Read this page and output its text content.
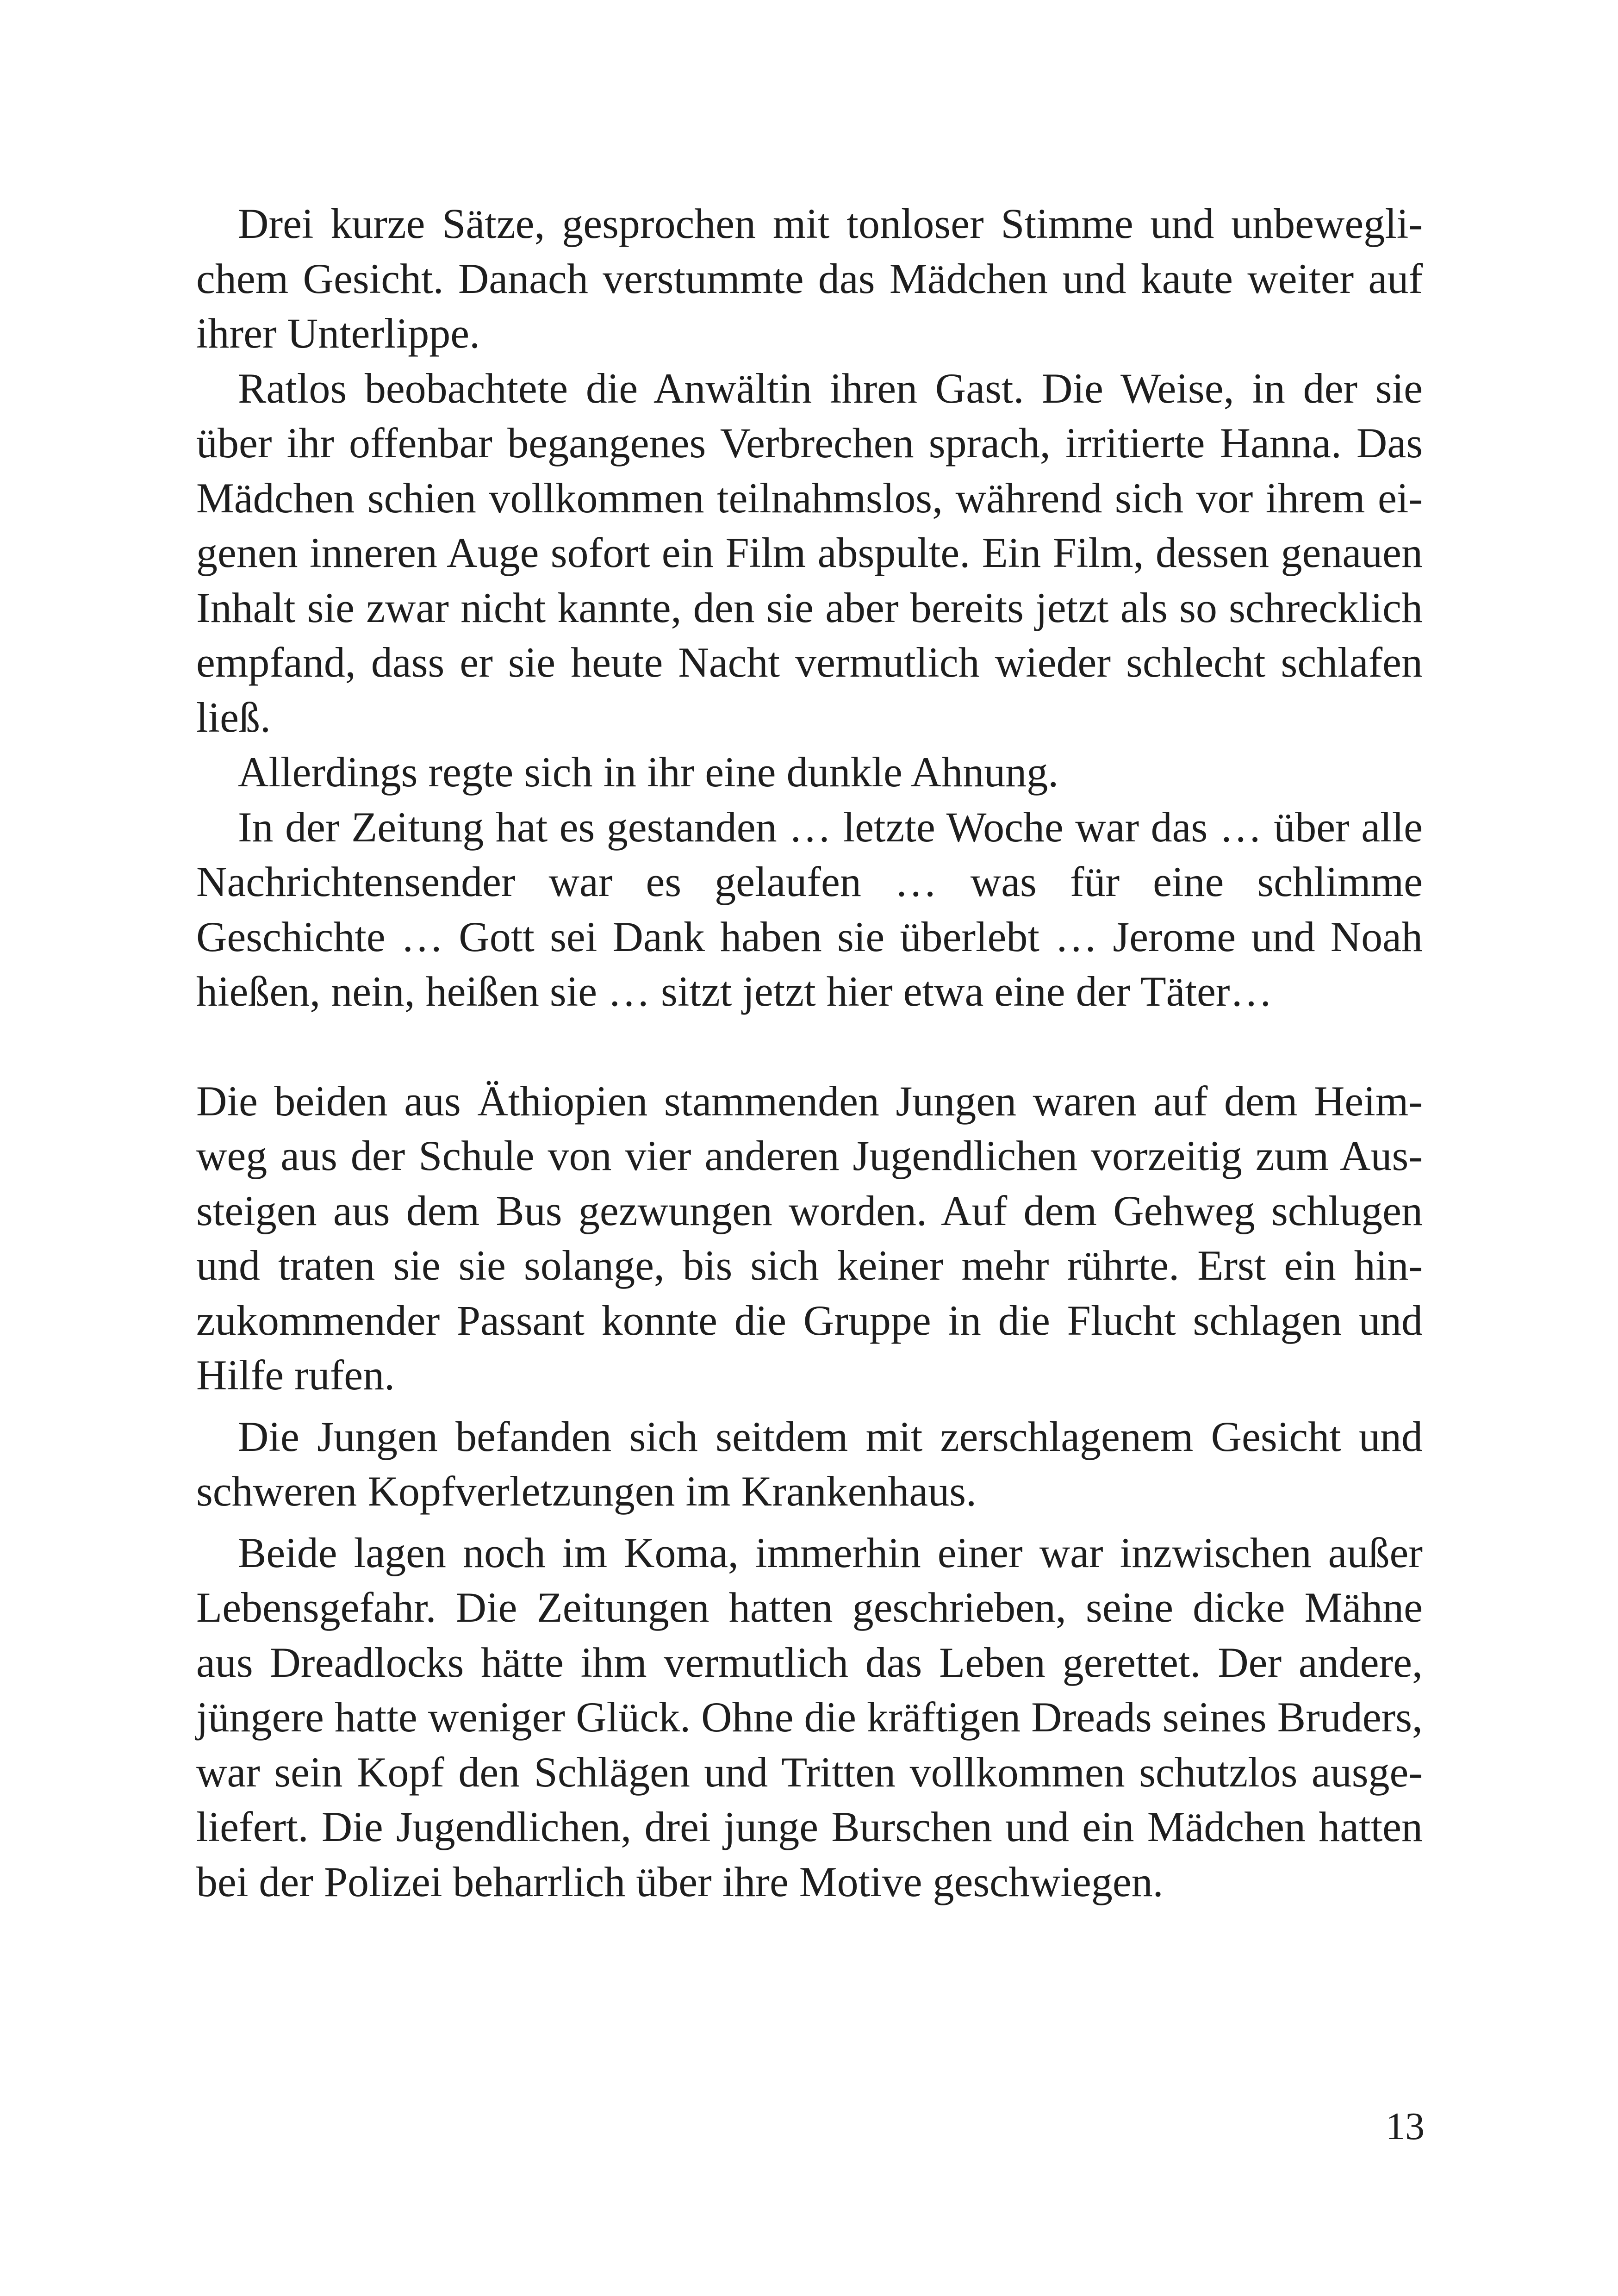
Drei kurze Sätze, gesprochen mit tonloser Stimme und unbeweglichem Gesicht. Danach verstummte das Mädchen und kaute weiter auf ihrer Unterlippe.

Ratlos beobachtete die Anwältin ihren Gast. Die Weise, in der sie über ihr offenbar begangenes Verbrechen sprach, irritierte Hanna. Das Mädchen schien vollkommen teilnahmslos, während sich vor ihrem eigenen inneren Auge sofort ein Film abspulte. Ein Film, dessen genauen Inhalt sie zwar nicht kannte, den sie aber bereits jetzt als so schrecklich empfand, dass er sie heute Nacht vermutlich wieder schlecht schlafen ließ.

Allerdings regte sich in ihr eine dunkle Ahnung.

In der Zeitung hat es gestanden … letzte Woche war das … über alle Nachrichtensender war es gelaufen … was für eine schlimme Geschichte … Gott sei Dank haben sie überlebt … Jerome und Noah hießen, nein, heißen sie … sitzt jetzt hier etwa eine der Täter…

Die beiden aus Äthiopien stammenden Jungen waren auf dem Heimweg aus der Schule von vier anderen Jugendlichen vorzeitig zum Aussteigen aus dem Bus gezwungen worden. Auf dem Gehweg schlugen und traten sie sie solange, bis sich keiner mehr rührte. Erst ein hinzukommender Passant konnte die Gruppe in die Flucht schlagen und Hilfe rufen.

Die Jungen befanden sich seitdem mit zerschlagenem Gesicht und schweren Kopfverletzungen im Krankenhaus.

Beide lagen noch im Koma, immerhin einer war inzwischen außer Lebensgefahr. Die Zeitungen hatten geschrieben, seine dicke Mähne aus Dreadlocks hätte ihm vermutlich das Leben gerettet. Der andere, jüngere hatte weniger Glück. Ohne die kräftigen Dreads seines Bruders, war sein Kopf den Schlägen und Tritten vollkommen schutzlos ausgeliefert. Die Jugendlichen, drei junge Burschen und ein Mädchen hatten bei der Polizei beharrlich über ihre Motive geschwiegen.

13
